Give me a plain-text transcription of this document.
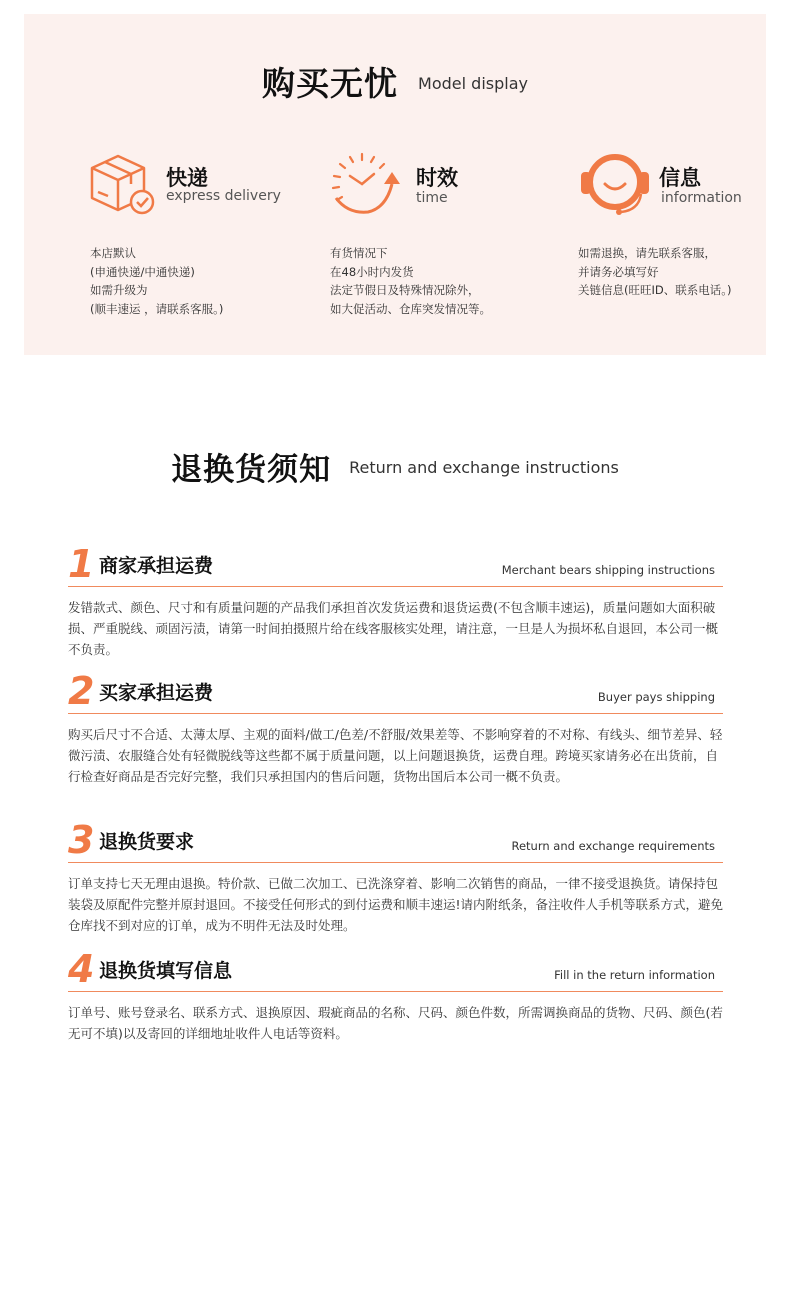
购买无忧 Model display
快递
express delivery
本店默认
(申通快递/中通快递)
如需升级为
(顺丰速运 ，请联系客服。)
时效
time
有货情况下
在48小时内发货
法定节假日及特殊情况除外，
如大促活动、仓库突发情况等。
信息
information
如需退换，请先联系客服，
并请务必填写好
关链信息(旺旺ID、联系电话。)
退换货须知 Return and exchange instructions
1 商家承担运费	Merchant bears shipping instructions
发错款式、颜色、尺寸和有质量问题的产品我们承担首次发货运费和退货运费(不包含顺丰速运)，质量问题如大面积破损、严重脱线、顽固污渍，请第一时间拍摄照片给在线客服核实处理，请注意，一旦是人为损坏私自退回，本公司一概不负责。
2 买家承担运费	Buyer pays shipping
购买后尺寸不合适、太薄太厚、主观的面料/做工/色差/不舒服/效果差等、不影响穿着的不对称、有线头、细节差异、轻微污渍、农服缝合处有轻微脱线等这些都不属于质量问题，以上问题退换货，运费自理。跨境买家请务必在出货前，自行检查好商品是否完好完整，我们只承担国内的售后问题，货物出国后本公司一概不负责。
3 退换货要求	Return and exchange requirements
订单支持七天无理由退换。特价款、已做二次加工、已洗涤穿着、影响二次销售的商品，一律不接受退换货。请保持包装袋及原配件完整并原封退回。不接受任何形式的到付运费和顺丰速运!请内附纸条，备注收件人手机等联系方式，避免仓库找不到对应的订单，成为不明件无法及时处理。
4 退换货填写信息	Fill in the return information
订单号、账号登录名、联系方式、退换原因、瑕疵商品的名称、尺码、颜色件数，所需调换商品的货物、尺码、颜色(若无可不填)以及寄回的详细地址收件人电话等资料。
